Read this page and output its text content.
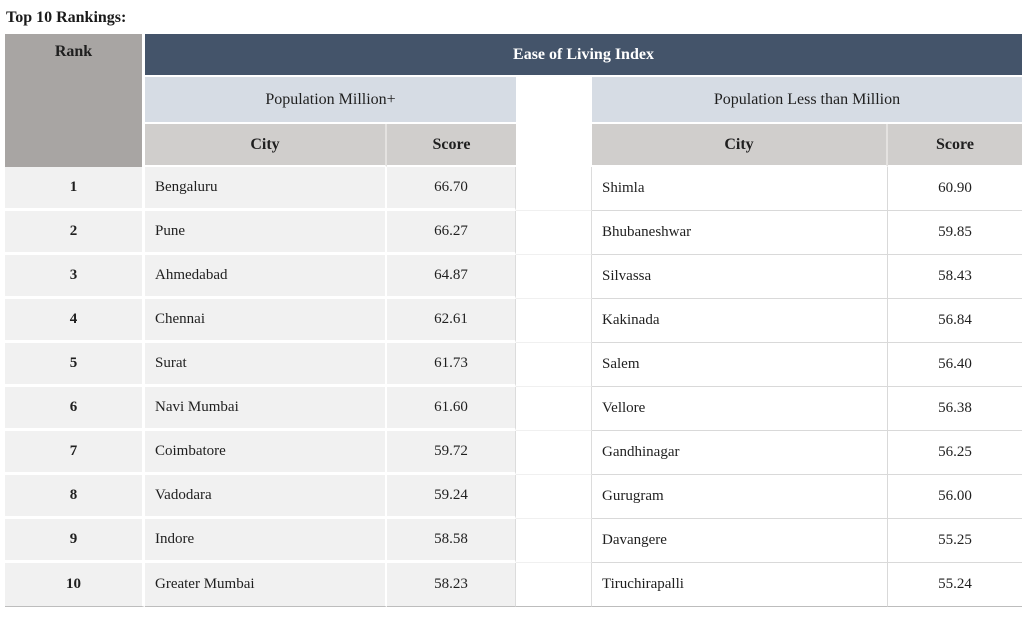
Top 10 Rankings:
Rank	Ease of Living Index
Population Million+	Population Less than Million
City	Score	City	Score
1	Bengaluru	66.70	Shimla	60.90
2	Pune	66.27	Bhubaneshwar	59.85
3	Ahmedabad	64.87	Silvassa	58.43
4	Chennai	62.61	Kakinada	56.84
5	Surat	61.73	Salem	56.40
6	Navi Mumbai	61.60	Vellore	56.38
7	Coimbatore	59.72	Gandhinagar	56.25
8	Vadodara	59.24	Gurugram	56.00
9	Indore	58.58	Davangere	55.25
10	Greater Mumbai	58.23	Tiruchirapalli	55.24
